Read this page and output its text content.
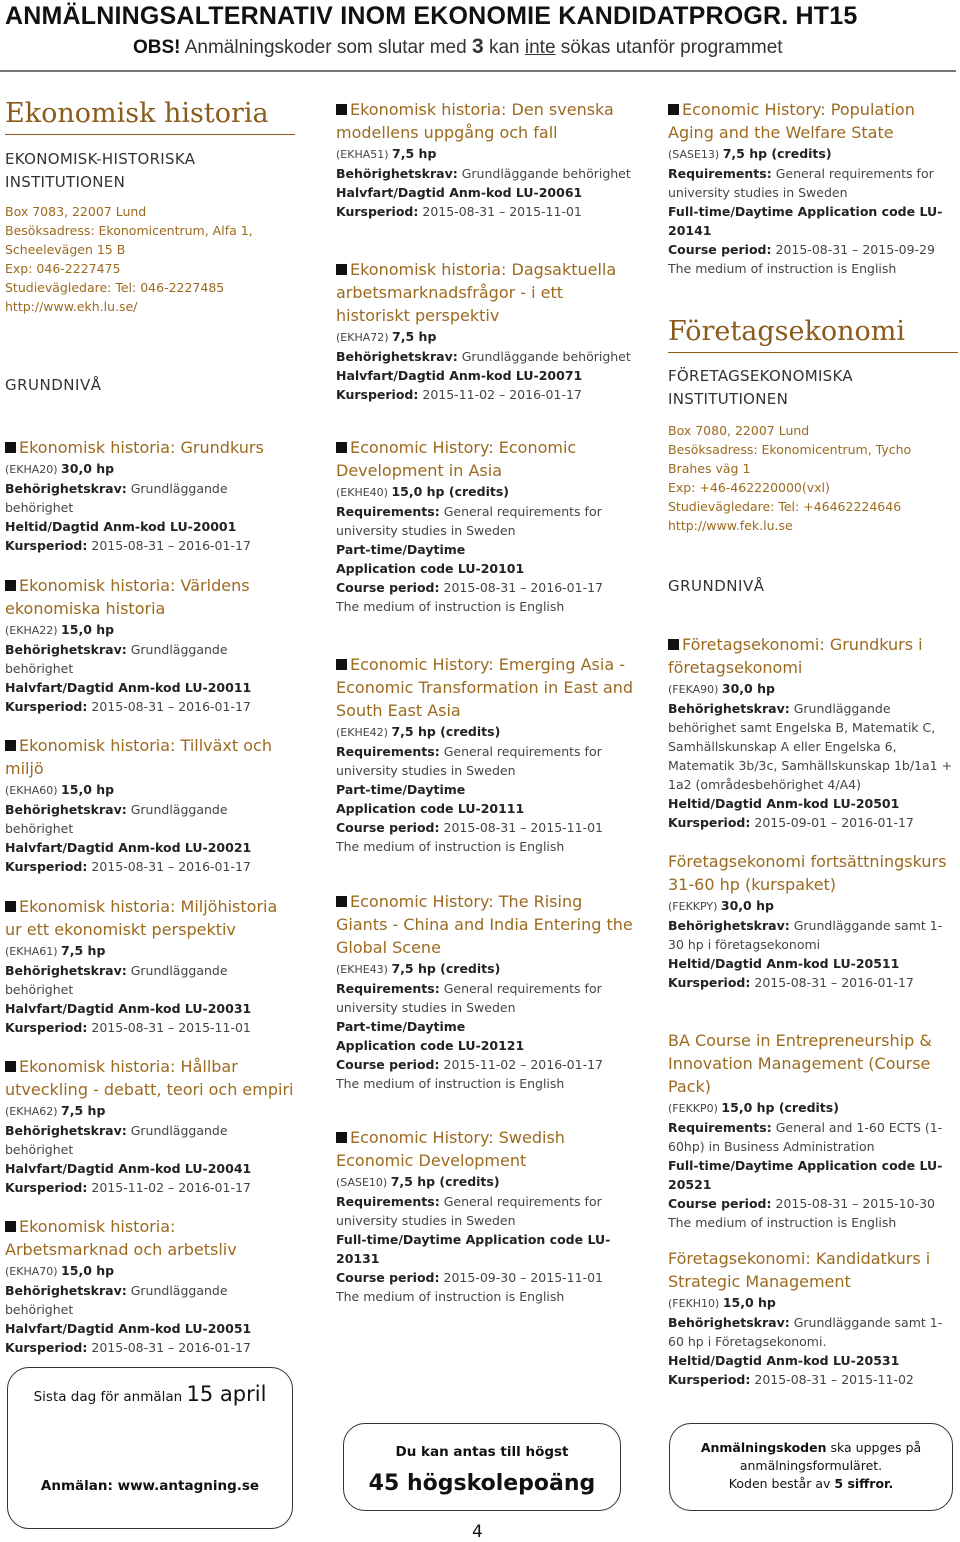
ANMÄLNINGSALTERNATIV INOM EKONOMIE KANDIDATPROGR. HT15
OBS! Anmälningskoder som slutar med 3 kan inte sökas utanför programmet
Ekonomisk historia
EKONOMISK-HISTORISKA
INSTITUTIONEN
Box 7083, 22007 Lund
Besöksadress: Ekonomicentrum, Alfa 1,
Scheelevägen 15 B
Exp: 046-2227475
Studievägledare: Tel: 046-2227485
http://www.ekh.lu.se/
GRUNDNIVÅ
Ekonomisk historia: Grundkurs
(EKHA20) 30,0 hp
Behörighetskrav: Grundläggande behörighet
Heltid/Dagtid Anm-kod LU-20001
Kursperiod: 2015-08-31 – 2016-01-17
Ekonomisk historia: Världens ekonomiska historia
(EKHA22) 15,0 hp
Behörighetskrav: Grundläggande behörighet
Halvfart/Dagtid Anm-kod LU-20011
Kursperiod: 2015-08-31 – 2016-01-17
Ekonomisk historia: Tillväxt och miljö
(EKHA60) 15,0 hp
Behörighetskrav: Grundläggande behörighet
Halvfart/Dagtid Anm-kod LU-20021
Kursperiod: 2015-08-31 – 2016-01-17
Ekonomisk historia: Miljöhistoria ur ett ekonomiskt perspektiv
(EKHA61) 7,5 hp
Behörighetskrav: Grundläggande behörighet
Halvfart/Dagtid Anm-kod LU-20031
Kursperiod: 2015-08-31 – 2015-11-01
Ekonomisk historia: Hållbar utveckling - debatt, teori och empiri
(EKHA62) 7,5 hp
Behörighetskrav: Grundläggande behörighet
Halvfart/Dagtid Anm-kod LU-20041
Kursperiod: 2015-11-02 – 2016-01-17
Ekonomisk historia: Arbetsmarknad och arbetsliv
(EKHA70) 15,0 hp
Behörighetskrav: Grundläggande behörighet
Halvfart/Dagtid Anm-kod LU-20051
Kursperiod: 2015-08-31 – 2016-01-17
Ekonomisk historia: Den svenska modellens uppgång och fall
(EKHA51) 7,5 hp
Behörighetskrav: Grundläggande behörighet
Halvfart/Dagtid Anm-kod LU-20061
Kursperiod: 2015-08-31 – 2015-11-01
Ekonomisk historia: Dagsaktuella arbetsmarknadsfrågor - i ett historiskt perspektiv
(EKHA72) 7,5 hp
Behörighetskrav: Grundläggande behörighet
Halvfart/Dagtid Anm-kod LU-20071
Kursperiod: 2015-11-02 – 2016-01-17
Economic History: Economic Development in Asia
(EKHE40) 15,0 hp (credits)
Requirements: General requirements for university studies in Sweden
Part-time/Daytime
Application code LU-20101
Course period: 2015-08-31 – 2016-01-17
The medium of instruction is English
Economic History: Emerging Asia - Economic Transformation in East and South East Asia
(EKHE42) 7,5 hp (credits)
Requirements: General requirements for university studies in Sweden
Part-time/Daytime
Application code LU-20111
Course period: 2015-08-31 – 2015-11-01
The medium of instruction is English
Economic History: The Rising Giants - China and India Entering the Global Scene
(EKHE43) 7,5 hp (credits)
Requirements: General requirements for university studies in Sweden
Part-time/Daytime
Application code LU-20121
Course period: 2015-11-02 – 2016-01-17
The medium of instruction is English
Economic History: Swedish Economic Development
(SASE10) 7,5 hp (credits)
Requirements: General requirements for university studies in Sweden
Full-time/Daytime Application code LU-20131
Course period: 2015-09-30 – 2015-11-01
The medium of instruction is English
Economic History: Population Aging and the Welfare State
(SASE13) 7,5 hp (credits)
Requirements: General requirements for university studies in Sweden
Full-time/Daytime Application code LU-20141
Course period: 2015-08-31 – 2015-09-29
The medium of instruction is English
Företagsekonomi
FÖRETAGSEKONOMISKA
INSTITUTIONEN
Box 7080, 22007 Lund
Besöksadress: Ekonomicentrum, Tycho
Brahes väg 1
Exp: +46-462220000(vxl)
Studievägledare: Tel: +46462224646
http://www.fek.lu.se
GRUNDNIVÅ
Företagsekonomi: Grundkurs i företagsekonomi
(FEKA90) 30,0 hp
Behörighetskrav: Grundläggande behörighet samt Engelska B, Matematik C, Samhällskunskap A eller Engelska 6, Matematik 3b/3c, Samhällskunskap 1b/1a1 + 1a2 (områdesbehörighet 4/A4)
Heltid/Dagtid Anm-kod LU-20501
Kursperiod: 2015-09-01 – 2016-01-17
Företagsekonomi fortsättningskurs 31-60 hp (kurspaket)
(FEKKPY) 30,0 hp
Behörighetskrav: Grundläggande samt 1-30 hp i företagsekonomi
Heltid/Dagtid Anm-kod LU-20511
Kursperiod: 2015-08-31 – 2016-01-17
BA Course in Entrepreneurship & Innovation Management (Course Pack)
(FEKKP0) 15,0 hp (credits)
Requirements: General and 1-60 ECTS (1-60hp) in Business Administration
Full-time/Daytime Application code LU-20521
Course period: 2015-08-31 – 2015-10-30
The medium of instruction is English
Företagsekonomi: Kandidatkurs i Strategic Management
(FEKH10) 15,0 hp
Behörighetskrav: Grundläggande samt 1-60 hp i Företagsekonomi.
Heltid/Dagtid Anm-kod LU-20531
Kursperiod: 2015-08-31 – 2015-11-02
Sista dag för anmälan 15 april
Anmälan: www.antagning.se
Du kan antas till högst
45 högskolepoäng
Anmälningskoden ska uppges på
anmälningsformuläret.
Koden består av 5 siffror.
4
